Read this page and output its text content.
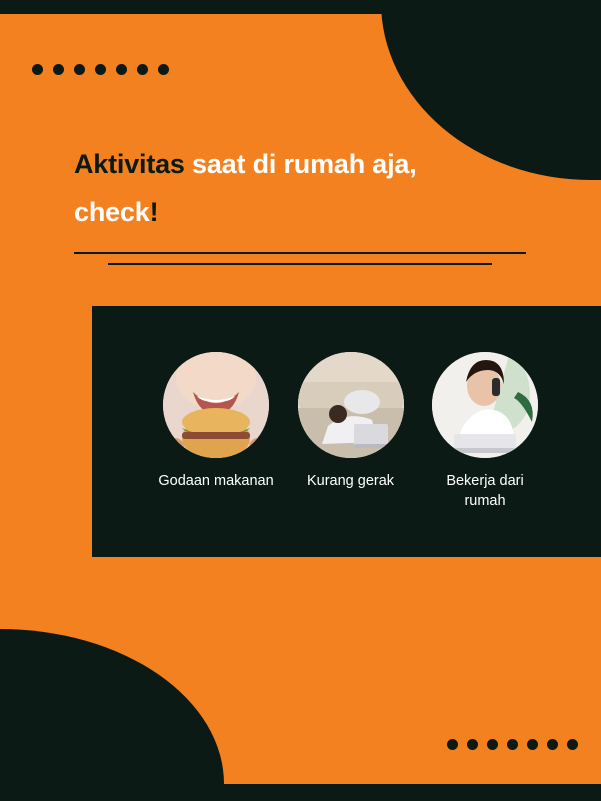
Aktivitas saat di rumah aja, check!
Godaan makanan	Kurang gerak	Bekerja dari rumah
